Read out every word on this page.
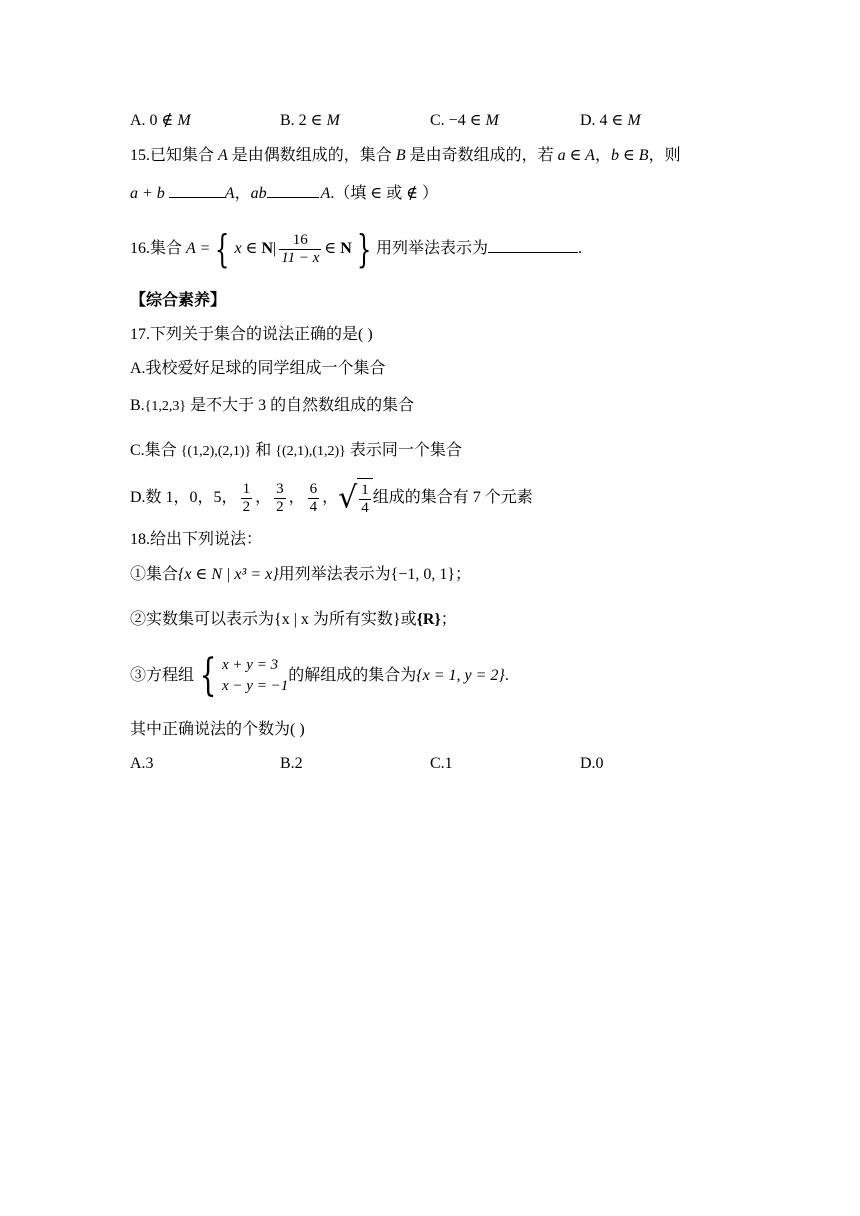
A. 0 ∉ M	B. 2 ∈ M	C. −4 ∈ M	D. 4 ∈ M
15.已知集合 A 是由偶数组成的，集合 B 是由奇数组成的，若 a ∈ A，b ∈ B，则
a + b	A，ab	A.（填 ∈ 或 ∉ ）
16.集合 A = { x ∈ $N| \frac{16}{11 - x}$ ∈ N } 用列举法表示为	.
【综合素养】
17.下列关于集合的说法正确的是( )
A.我校爱好足球的同学组成一个集合
B.{1,2,3} 是不大于 3 的自然数组成的集合
C.集合 {(1,2),(2,1)} 和 {(2,1),(1,2)} 表示同一个集合
D.数 1，0，5， $\frac{1}{2}$ ， $\frac{3}{2}$ ， $\frac{6}{4}$ ，√ $\frac{1}{4}$ 组成的集合有 7 个元素
18.给出下列说法：
①集合{x ∈ N | x³ = x}用列举法表示为{−1, 0, 1}；
②实数集可以表示为{x | x 为所有实数}或{R}；
③方程组 { x + y = 3
x − y = −1
的解组成的集合为{x = 1, y = 2}.
其中正确说法的个数为( )
A.3	B.2	C.1	D.0
